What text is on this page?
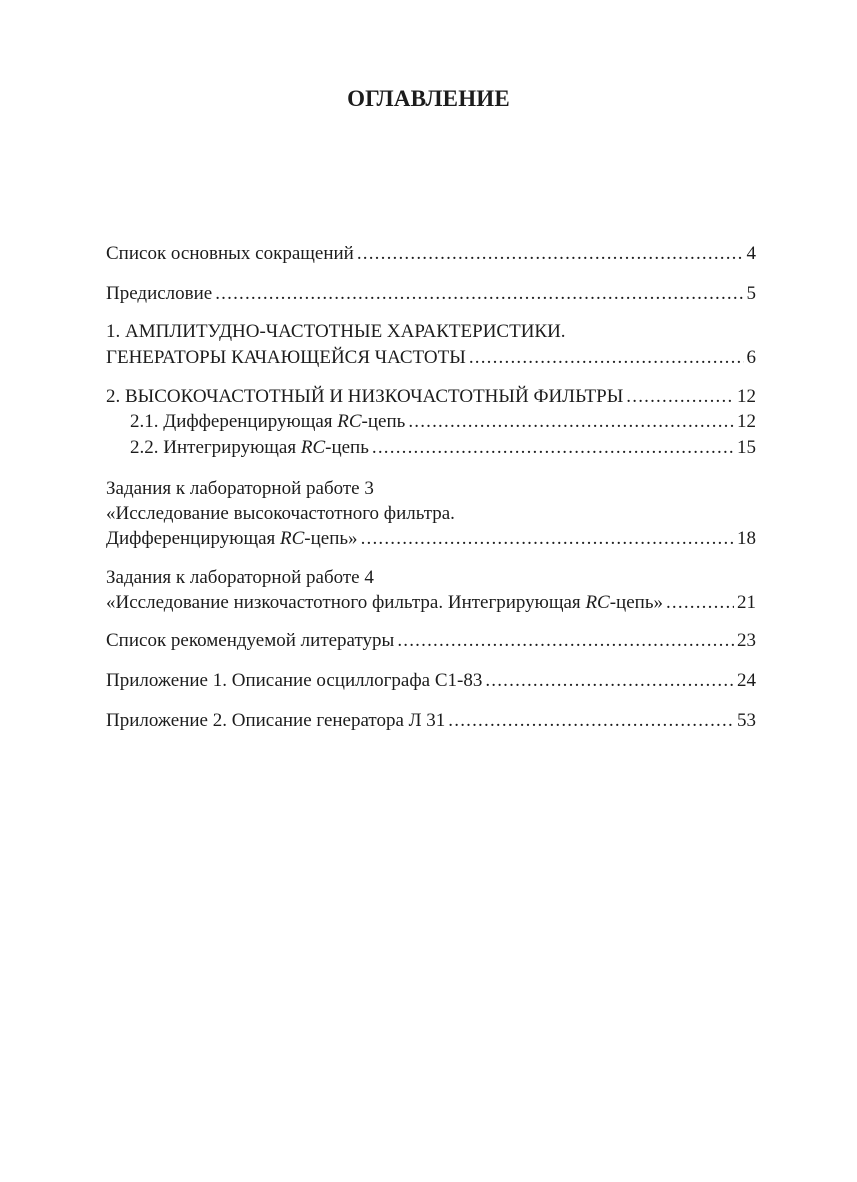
ОГЛАВЛЕНИЕ
Список основных сокращений .....	4
Предисловие .....	5
1. АМПЛИТУДНО-ЧАСТОТНЫЕ ХАРАКТЕРИСТИКИ.
ГЕНЕРАТОРЫ КАЧАЮЩЕЙСЯ ЧАСТОТЫ .....	6
2. ВЫСОКОЧАСТОТНЫЙ И НИЗКОЧАСТОТНЫЙ ФИЛЬТРЫ .....	12
2.1. Дифференцирующая RC-цепь .....	12
2.2. Интегрирующая RC-цепь .....	15
Задания к лабораторной работе 3
«Исследование высокочастотного фильтра.
Дифференцирующая RC-цепь» .....	18
Задания к лабораторной работе 4
«Исследование низкочастотного фильтра. Интегрирующая RC-цепь» .....	21
Список рекомендуемой литературы .....	23
Приложение 1. Описание осциллографа С1-83 .....	24
Приложение 2. Описание генератора Л 31 .....	53
